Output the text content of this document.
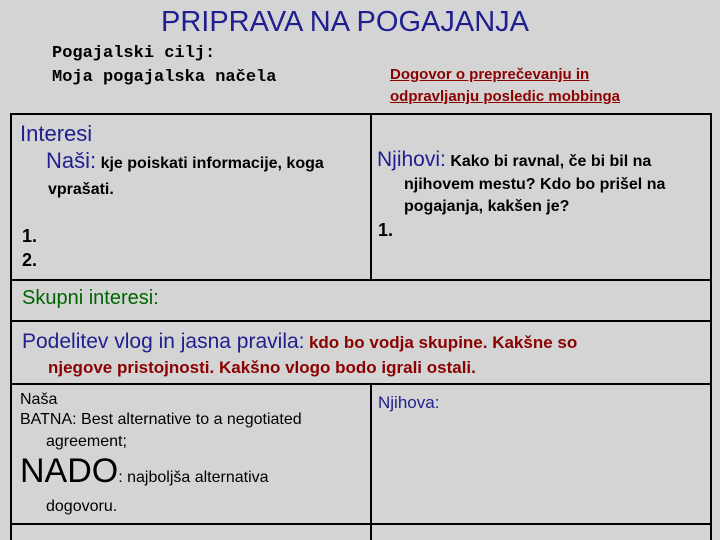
PRIPRAVA NA POGAJANJA
Pogajalski cilj:
Moja pogajalska načela	Dogovor o preprečevanju in
odpravljanju posledic mobbinga
Interesi
Naši: kje poiskati informacije, koga
vprašati.
1.
2.
Njihovi: Kako bi ravnal, če bi bil na
njihovem mestu? Kdo bo prišel na
pogajanja, kakšen je?
1.
Skupni interesi:
Podelitev vlog in jasna pravila: kdo bo vodja skupine. Kakšne so
njegove pristojnosti. Kakšno vlogo bodo igrali ostali.
Naša
BATNA: Best alternative to a negotiated
agreement;
NADO: najboljša alternativa
dogovoru.
Njihova:
